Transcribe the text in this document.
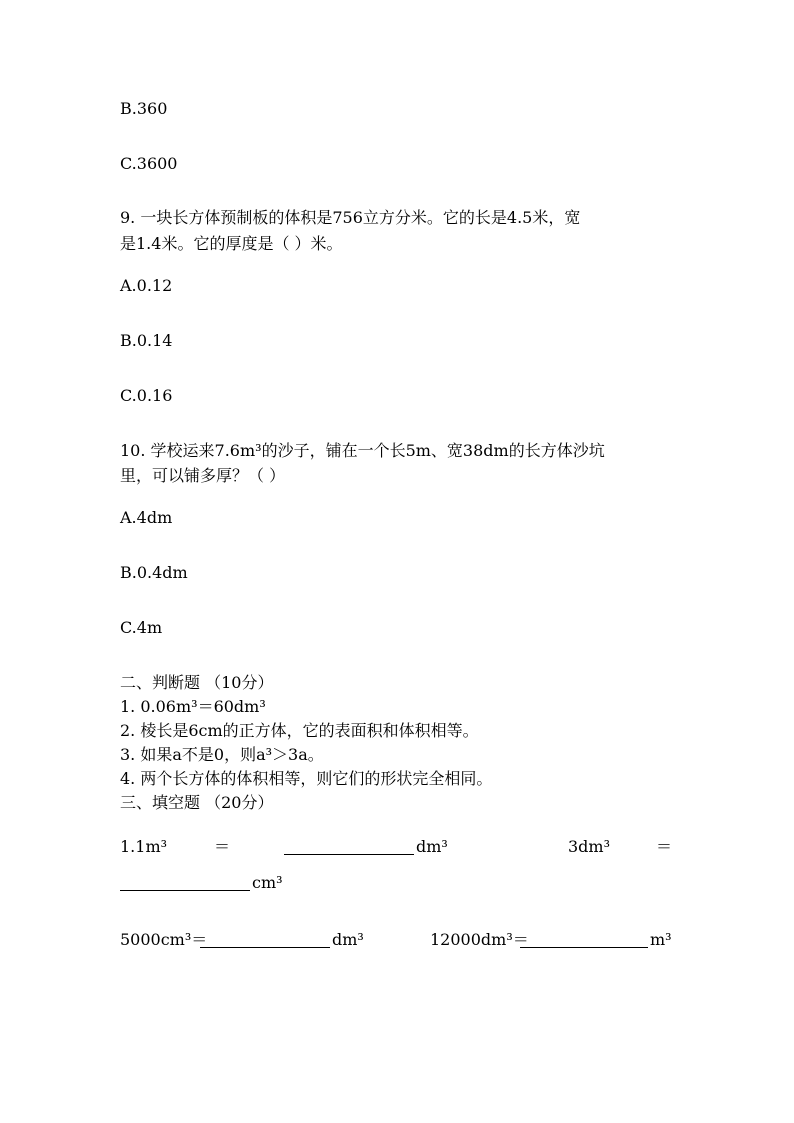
B.360
C.3600
9. 一块长方体预制板的体积是756立方分米。它的长是4.5米，宽
是1.4米。它的厚度是（ ）米。
A.0.12
B.0.14
C.0.16
10. 学校运来7.6m³的沙子，铺在一个长5m、宽38dm的长方体沙坑
里，可以铺多厚？（ ）
A.4dm
B.0.4dm
C.4m
二、判断题 （10分）
1. 0.06m³＝60dm³
2. 棱长是6cm的正方体，它的表面积和体积相等。
3. 如果a不是0，则a³＞3a。
4. 两个长方体的体积相等，则它们的形状完全相同。
三、填空题 （20分）
1.1m³	＝	dm³	3dm³	＝
cm³
5000cm³＝	dm³	12000dm³＝	m³
